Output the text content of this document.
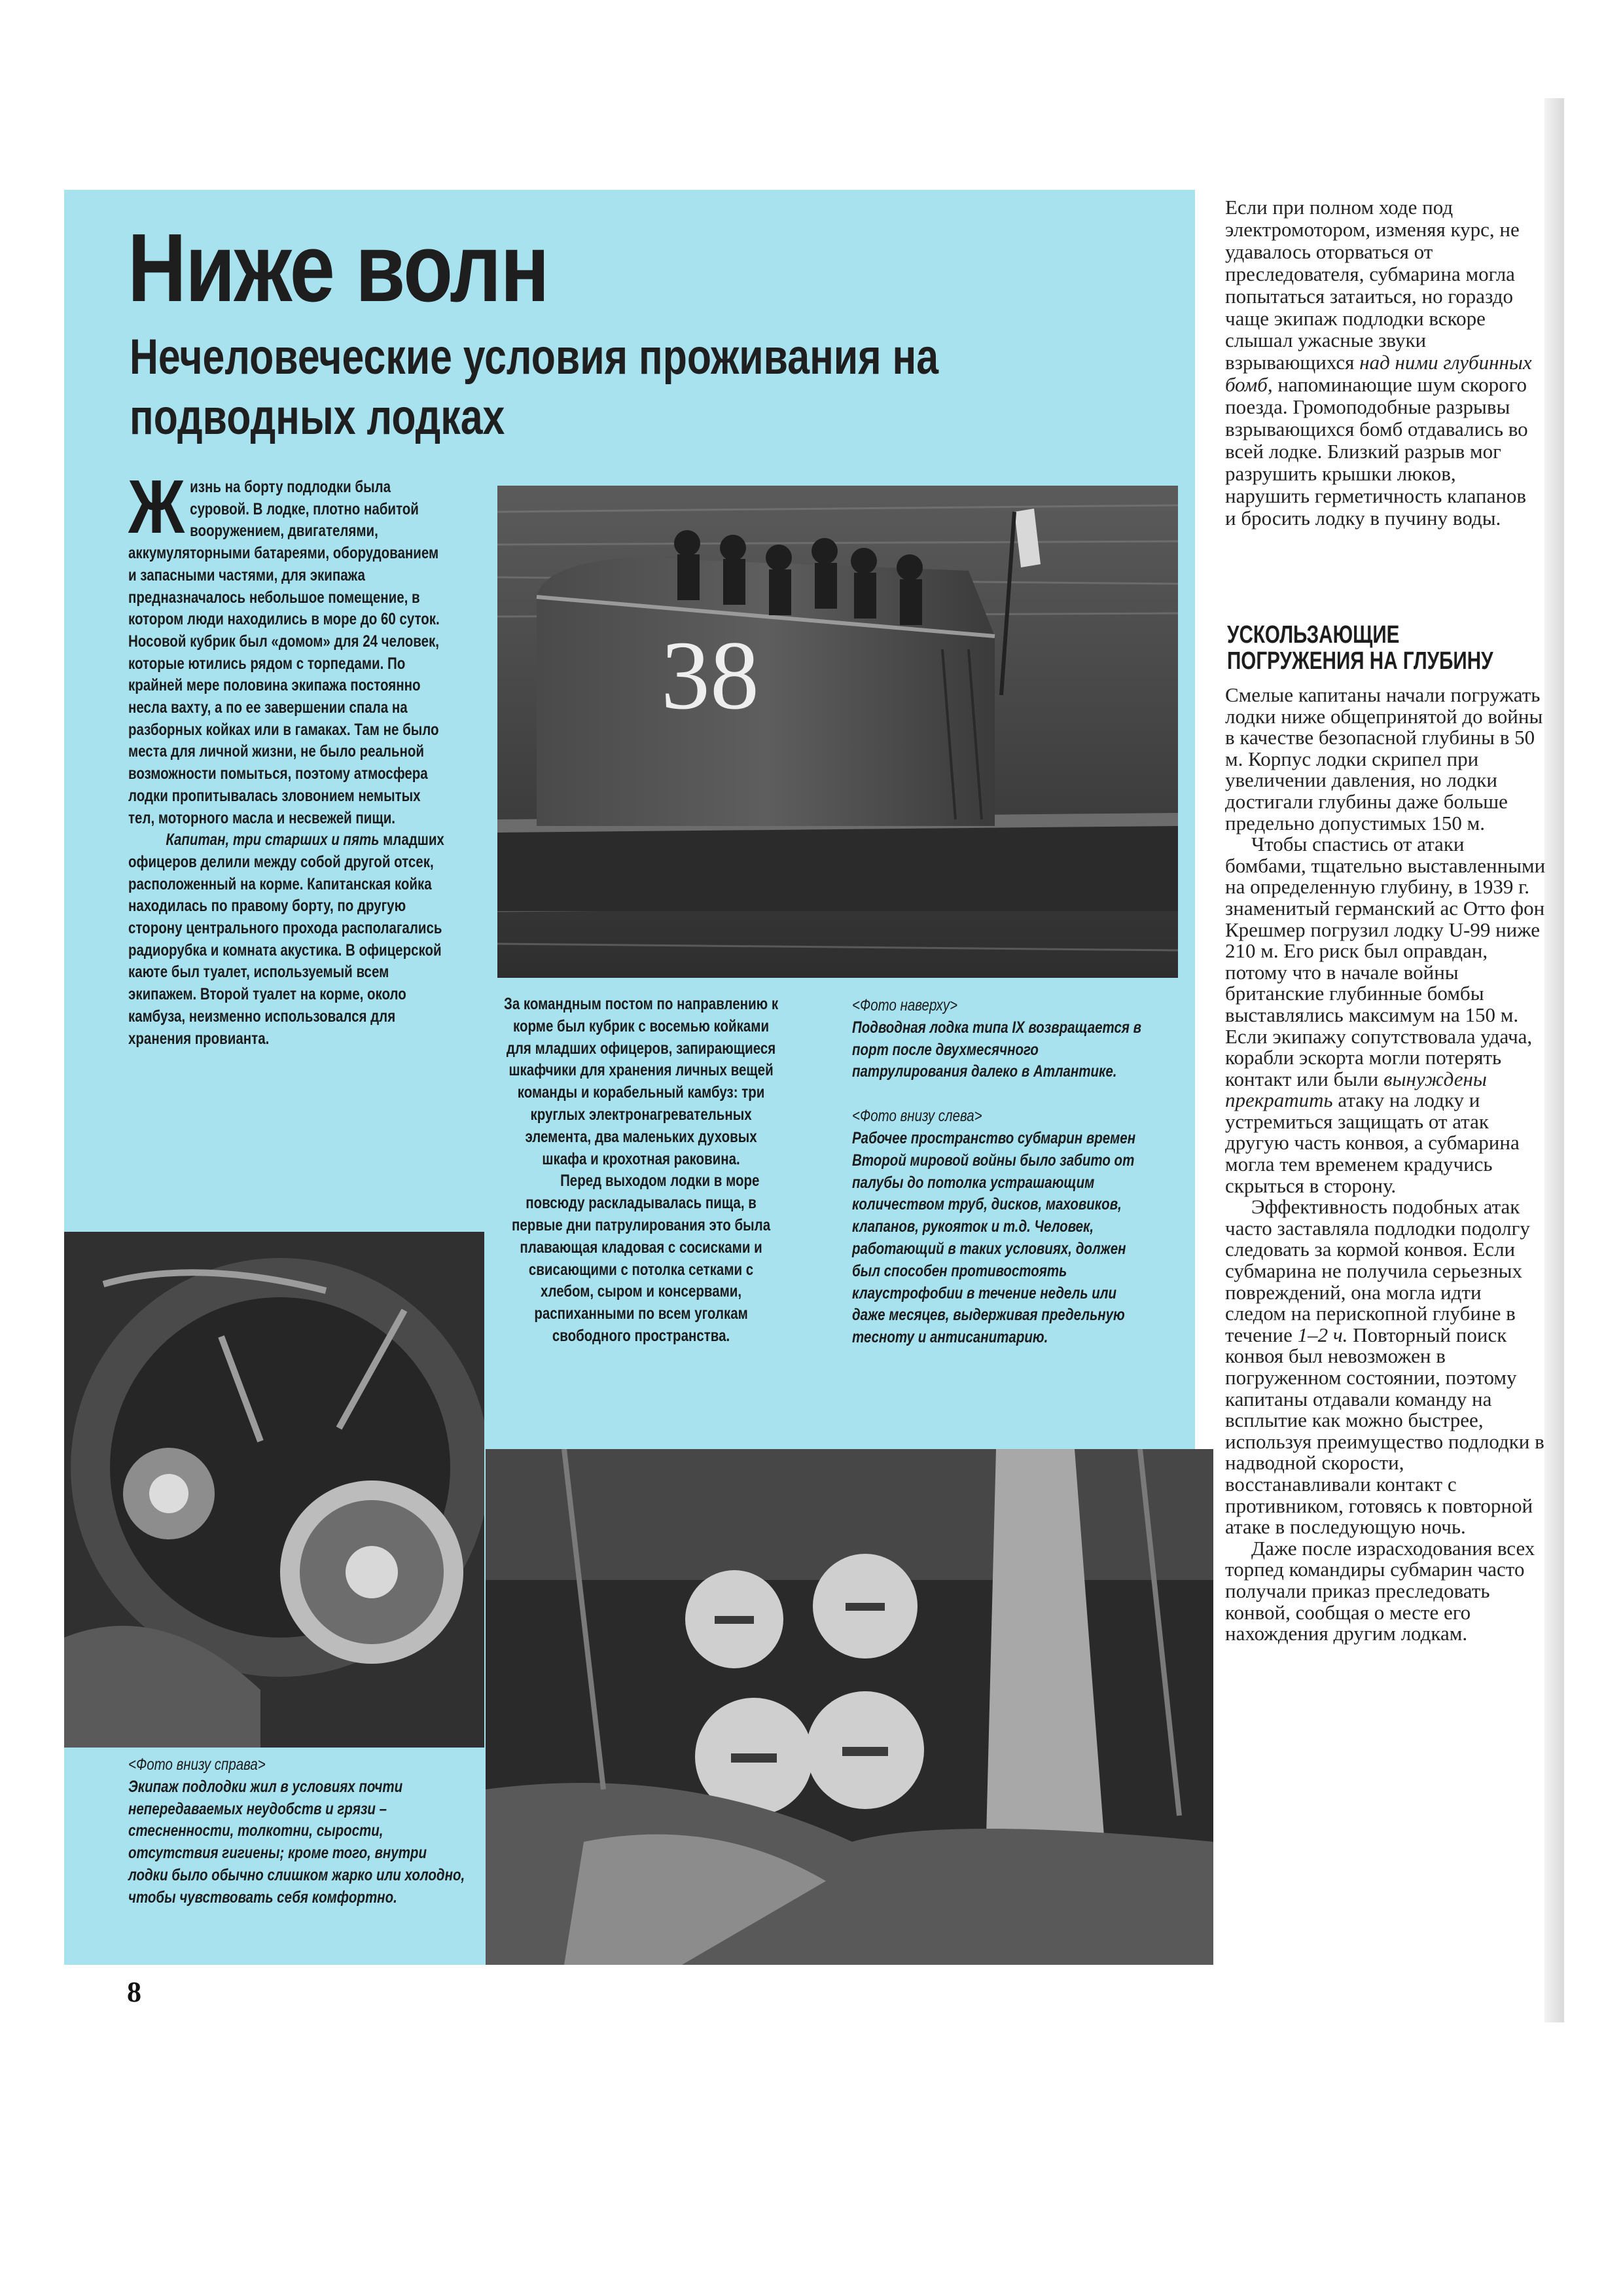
Ниже волн
Нечеловеческие условия проживания на подводных лодках

Жизнь на борту подлодки была суровой. В лодке, плотно набитой вооружением, двигателями, аккумуляторными батареями, оборудованием и запасными частями, для экипажа предназначалось небольшое помещение, в котором люди находились в море до 60 суток. Носовой кубрик был «домом» для 24 человек, которые ютились рядом с торпедами. По крайней мере половина экипажа постоянно несла вахту, а по ее завершении спала на разборных койках или в гамаках. Там не было места для личной жизни, не было реальной возможности помыться, поэтому атмосфера лодки пропитывалась зловонием немытых тел, моторного масла и несвежей пищи.

Капитан, три старших и пять младших офицеров делили между собой другой отсек, расположенный на корме. Капитанская койка находилась по правому борту, по другую сторону центрального прохода располагались радиорубка и комната акустика. В офицерской каюте был туалет, используемый всем экипажем. Второй туалет на корме, около камбуза, неизменно использовался для хранения провианта.

38

За командным постом по направлению к корме был кубрик с восемью койками для младших офицеров, запирающиеся шкафчики для хранения личных вещей команды и корабельный камбуз: три круглых электронагревательных элемента, два маленьких духовых шкафа и крохотная раковина.

Перед выходом лодки в море повсюду раскладывалась пища, в первые дни патрулирования это была плавающая кладовая с сосисками и свисающими с потолка сетками с хлебом, сыром и консервами, распиханными по всем уголкам свободного пространства.

<Фото наверху>

Подводная лодка типа IX возвращается в порт после двухмесячного патрулирования далеко в Атлантике.

<Фото внизу слева>

Рабочее пространство субмарин времен Второй мировой войны было забито от палубы до потолка устрашающим количеством труб, дисков, маховиков, клапанов, рукояток и т.д. Человек, работающий в таких условиях, должен был способен противостоять клаустрофобии в течение недель или даже месяцев, выдерживая предельную тесноту и антисанитарию.

<Фото внизу справа>

Экипаж подлодки жил в условиях почти непередаваемых неудобств и грязи – стесненности, толкотни, сырости, отсутствия гигиены; кроме того, внутри лодки было обычно слишком жарко или холодно, чтобы чувствовать себя комфортно.

Если при полном ходе под электромотором, изменяя курс, не удавалось оторваться от преследователя, субмарина могла попытаться затаиться, но гораздо чаще экипаж подлодки вскоре слышал ужасные звуки взрывающихся над ними глубинных бомб, напоминающие шум скорого поезда. Громоподобные разрывы взрывающихся бомб отдавались во всей лодке. Близкий разрыв мог разрушить крышки люков, нарушить герметичность клапанов и бросить лодку в пучину воды.

УСКОЛЬЗАЮЩИЕ ПОГРУЖЕНИЯ НА ГЛУБИНУ

Смелые капитаны начали погружать лодки ниже общепринятой до войны в качестве безопасной глубины в 50 м. Корпус лодки скрипел при увеличении давления, но лодки достигали глубины даже больше предельно допустимых 150 м.

Чтобы спастись от атаки бомбами, тщательно выставленными на определенную глубину, в 1939 г. знаменитый германский ас Отто фон Крешмер погрузил лодку U-99 ниже 210 м. Его риск был оправдан, потому что в начале войны британские глубинные бомбы выставлялись максимум на 150 м. Если экипажу сопутствовала удача, корабли эскорта могли потерять контакт или были вынуждены прекратить атаку на лодку и устремиться защищать от атак другую часть конвоя, а субмарина могла тем временем крадучись скрыться в сторону.

Эффективность подобных атак часто заставляла подлодки подолгу следовать за кормой конвоя. Если субмарина не получила серьезных повреждений, она могла идти следом на перископной глубине в течение 1–2 ч. Повторный поиск конвоя был невозможен в погруженном состоянии, поэтому капитаны отдавали команду на всплытие как можно быстрее, используя преимущество подлодки в надводной скорости, восстанавливали контакт с противником, готовясь к повторной атаке в последующую ночь.

Даже после израсходования всех торпед командиры субмарин часто получали приказ преследовать конвой, сообщая о месте его нахождения другим лодкам.

8
